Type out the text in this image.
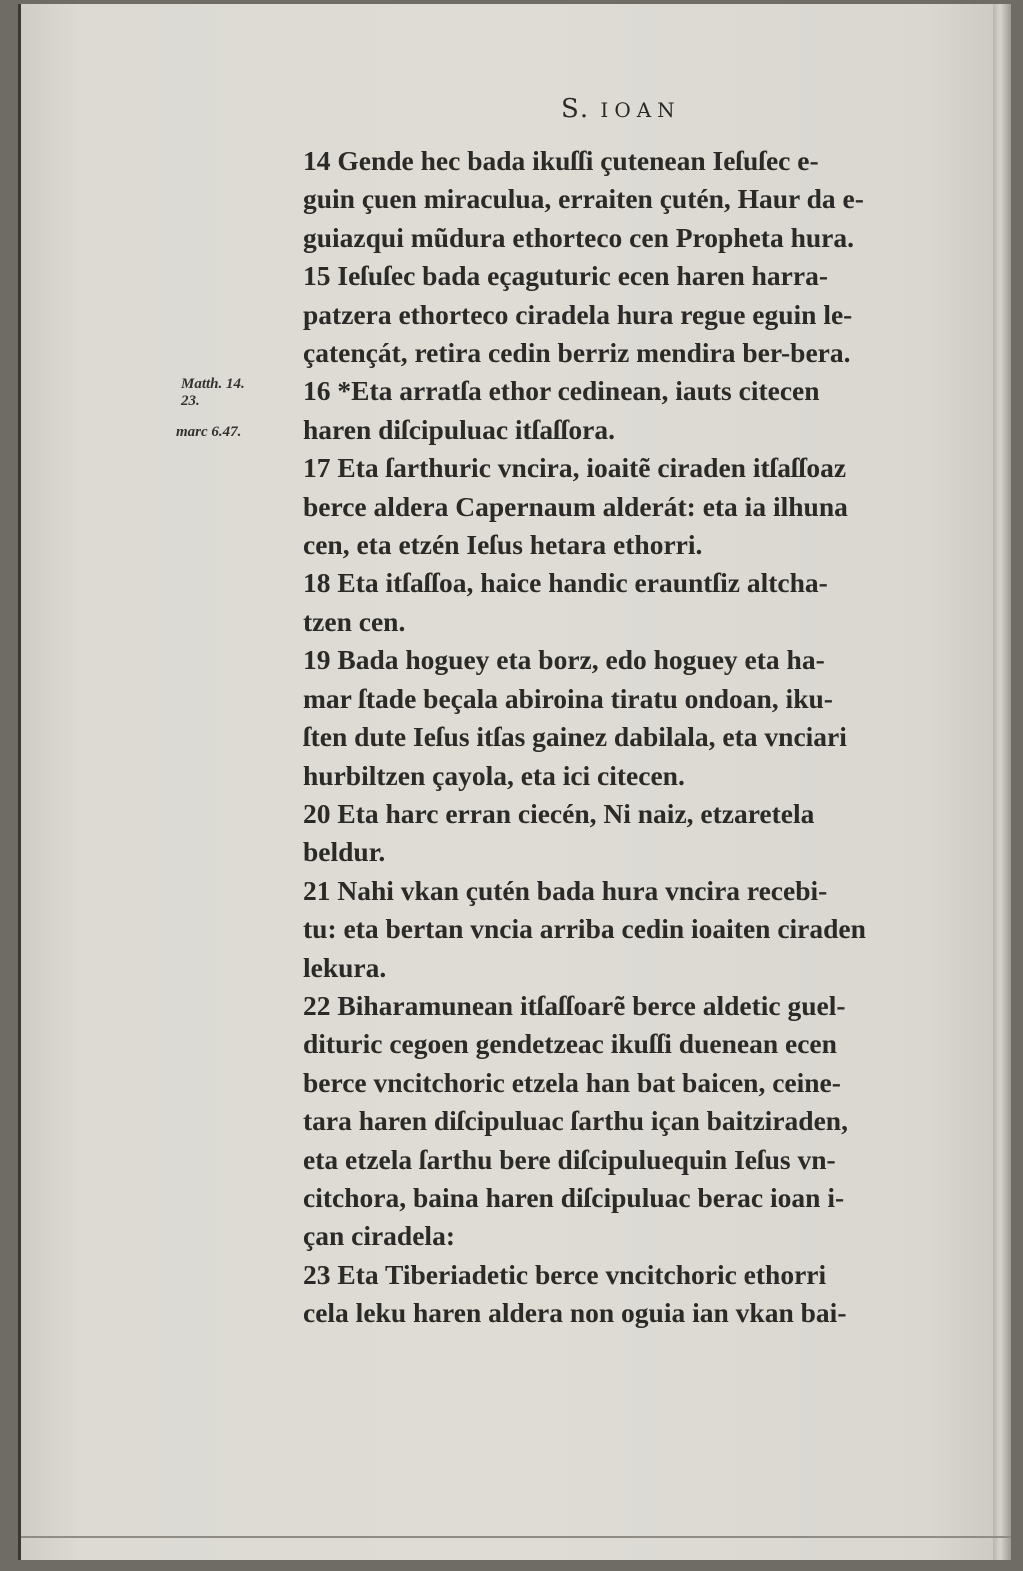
S. IOAN
Matth. 14.
23.
marc 6.47.

14 Gende hec bada ikuſſi çutenean Ieſuſec e-
guin çuen miraculua, erraiten çutén, Haur da e-
guiazqui mũdura ethorteco cen Propheta hura.

15 Ieſuſec bada eçaguturic ecen haren harra-
patzera ethorteco ciradela hura regue eguin le-
çatençát, retira cedin berriz mendira ber-bera.

16 *Eta arratſa ethor cedinean, iauts citecen
haren diſcipuluac itſaſſora.

17 Eta ſarthuric vncira, ioaitẽ ciraden itſaſſoaz
berce aldera Capernaum alderát: eta ia ilhuna
cen, eta etzén Ieſus hetara ethorri.

18 Eta itſaſſoa, haice handic erauntſiz altcha-
tzen cen.

19 Bada hoguey eta borz, edo hoguey eta ha-
mar ſtade beçala abiroina tiratu ondoan, iku-
ſten dute Ieſus itſas gainez dabilala, eta vnciari
hurbiltzen çayola, eta ici citecen.

20 Eta harc erran ciecén, Ni naiz, etzaretela
beldur.

21 Nahi vkan çutén bada hura vncira recebi-
tu: eta bertan vncia arriba cedin ioaiten ciraden
lekura.

22 Biharamunean itſaſſoarẽ berce aldetic guel-
dituric cegoen gendetzeac ikuſſi duenean ecen
berce vncitchoric etzela han bat baicen, ceine-
tara haren diſcipuluac ſarthu içan baitziraden,
eta etzela ſarthu bere diſcipuluequin Ieſus vn-
citchora, baina haren diſcipuluac berac ioan i-
çan ciradela:

23 Eta Tiberiadetic berce vncitchoric ethorri
cela leku haren aldera non oguia ian vkan bai-
